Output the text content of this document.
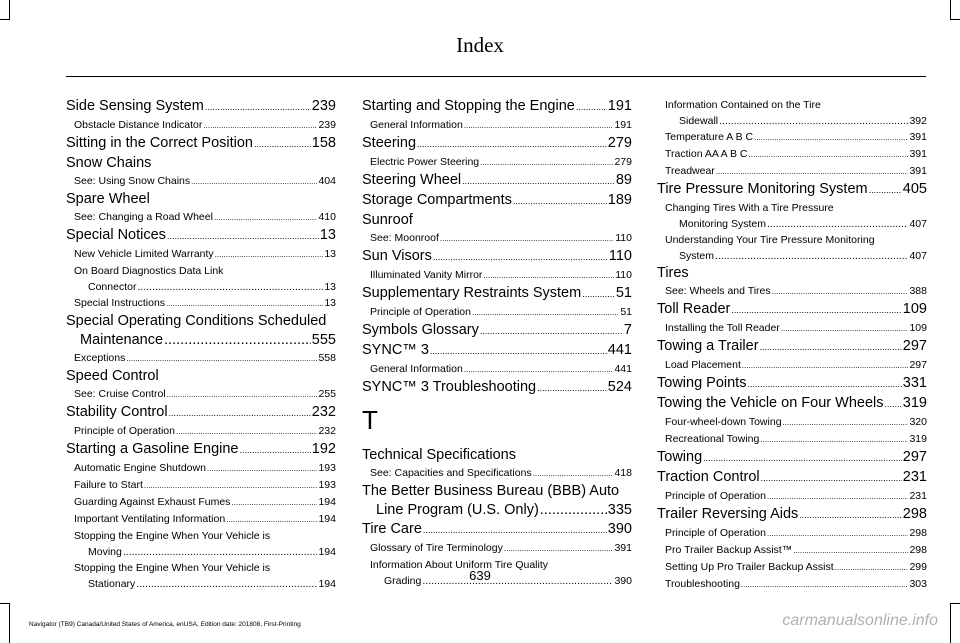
Index
Side Sensing System .....	239
Obstacle Distance Indicator .....	239
Sitting in the Correct Position .....	158
Snow Chains
See: Using Snow Chains .....	404
Spare Wheel
See: Changing a Road Wheel .....	410
Special Notices .....	13
New Vehicle Limited Warranty .....	13
On Board Diagnostics Data Link
Connector .....	13
Special Instructions .....	13
Special Operating Conditions Scheduled
Maintenance .....	555
Exceptions .....	558
Speed Control
See: Cruise Control .....	255
Stability Control .....	232
Principle of Operation .....	232
Starting a Gasoline Engine .....	192
Automatic Engine Shutdown .....	193
Failure to Start .....	193
Guarding Against Exhaust Fumes .....	194
Important Ventilating Information .....	194
Stopping the Engine When Your Vehicle is
Moving .....	194
Stopping the Engine When Your Vehicle is
Stationary .....	194
Starting and Stopping the Engine ..... 191
General Information .....	191
Steering .....	279
Electric Power Steering .....	279
Steering Wheel .....	89
Storage Compartments .....	189
Sunroof
See: Moonroof .....	110
Sun Visors .....	110
Illuminated Vanity Mirror .....	110
Supplementary Restraints System ..... 51
Principle of Operation .....	51
Symbols Glossary .....	7
SYNC™ 3 .....	441
General Information .....	441
SYNC™ 3 Troubleshooting .....	524
T
Technical Specifications
See: Capacities and Specifications .....	418
The Better Business Bureau (BBB) Auto
Line Program (U.S. Only) .....	335
Tire Care .....	390
Glossary of Tire Terminology .....	391
Information About Uniform Tire Quality
Grading .....	390
Information Contained on the Tire
Sidewall .....	392
Temperature A B C .....	391
Traction AA A B C .....	391
Treadwear .....	391
Tire Pressure Monitoring System ..... 405
Changing Tires With a Tire Pressure
Monitoring System .....	407
Understanding Your Tire Pressure Monitoring
System .....	407
Tires
See: Wheels and Tires .....	388
Toll Reader .....	109
Installing the Toll Reader .....	109
Towing a Trailer .....	297
Load Placement .....	297
Towing Points .....	331
Towing the Vehicle on Four Wheels ..... 319
Four-wheel-down Towing .....	320
Recreational Towing .....	319
Towing .....	297
Traction Control .....	231
Principle of Operation .....	231
Trailer Reversing Aids .....	298
Principle of Operation .....	298
Pro Trailer Backup Assist™ .....	298
Setting Up Pro Trailer Backup Assist .....	299
Troubleshooting .....	303
639
Navigator (TB9) Canada/United States of America, enUSA, Edition date: 201808, First-Printing	carmanualsonline.info
